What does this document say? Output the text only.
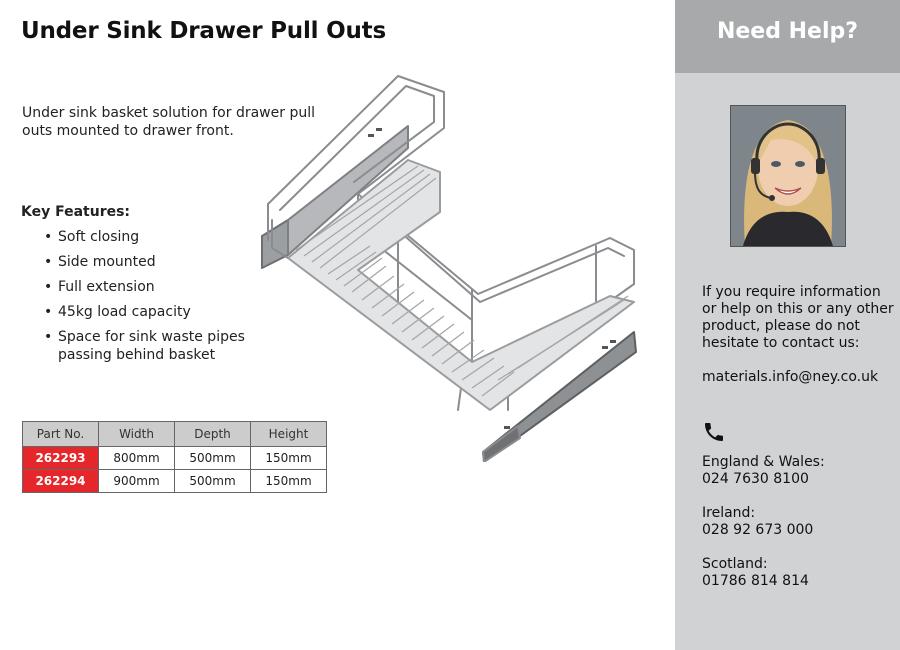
Under Sink Drawer Pull Outs
Under sink basket solution for drawer pull outs mounted to drawer front.
Key Features:
• Soft closing
• Side mounted
• Full extension
• 45kg load capacity
• Space for sink waste pipes passing behind basket
Part No.	Width	Depth	Height
262293	800mm	500mm	150mm
262294	900mm	500mm	150mm
Need Help?
If you require information or help on this or any other product, please do not hesitate to contact us:
materials.info@ney.co.uk
England & Wales:
024 7630 8100
Ireland:
028 92 673 000
Scotland:
01786 814 814
